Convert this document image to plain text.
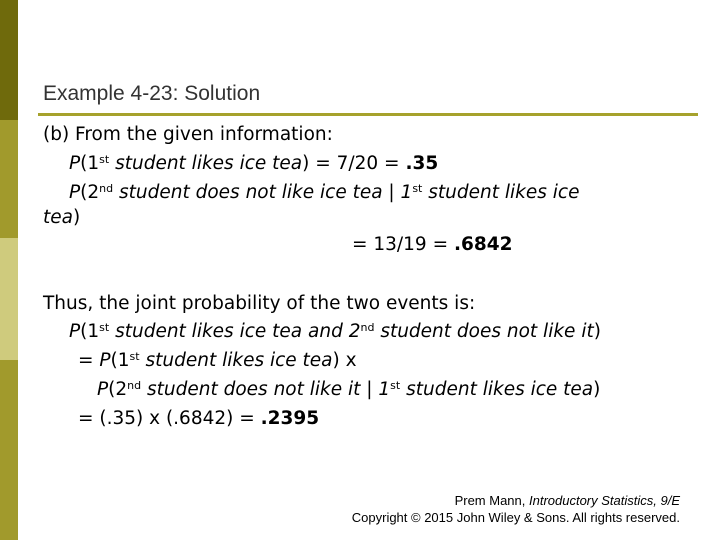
Example 4-23: Solution
(b) From the given information:
P(1st student likes ice tea) = 7/20 = .35
P(2nd student does not like ice tea | 1st student likes ice
tea)
= 13/19 = .6842
Thus, the joint probability of the two events is:
P(1st student likes ice tea and 2nd student does not like it)
= P(1st student likes ice tea) x
P(2nd student does not like it | 1st student likes ice tea)
= (.35) x (.6842) = .2395
Prem Mann, Introductory Statistics, 9/E
Copyright © 2015 John Wiley & Sons. All rights reserved.
